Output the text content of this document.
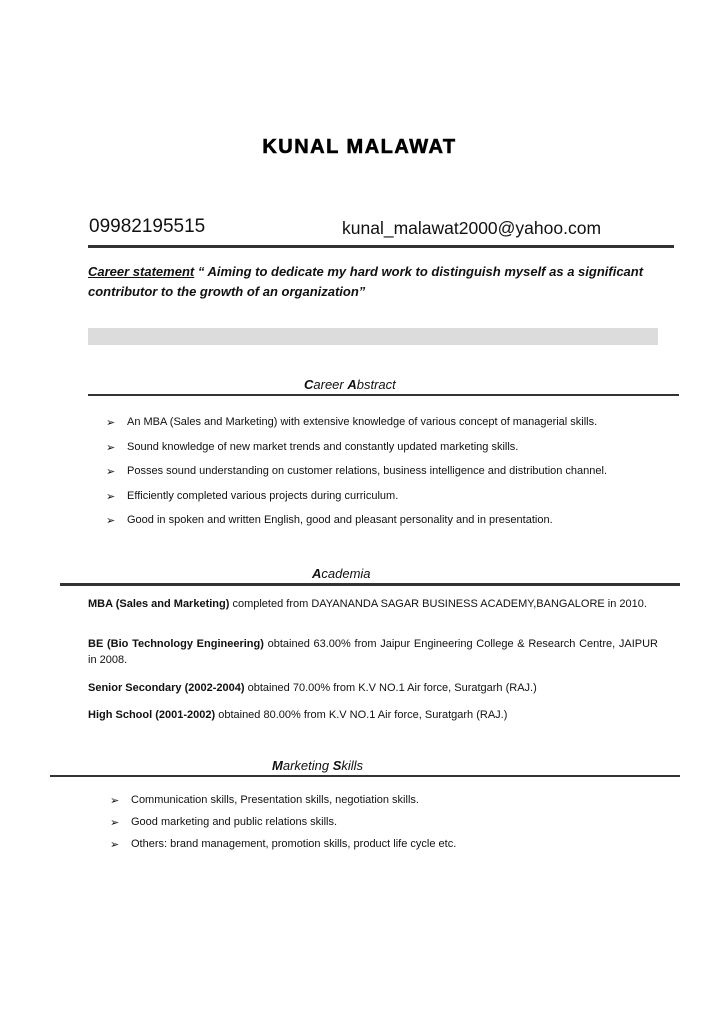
KUNAL MALAWAT
09982195515	kunal_malawat2000@yahoo.com
Career statement “ Aiming to dedicate my hard work to distinguish myself as a significant contributor to the growth of an organization”
Career Abstract
➢ An MBA (Sales and Marketing) with extensive knowledge of various concept of managerial skills.
➢ Sound knowledge of new market trends and constantly updated marketing skills.
➢ Posses sound understanding on customer relations, business intelligence and distribution channel.
➢ Efficiently completed various projects during curriculum.
➢ Good in spoken and written English, good and pleasant personality and in presentation.
Academia
MBA (Sales and Marketing) completed from DAYANANDA SAGAR BUSINESS ACADEMY,BANGALORE in 2010.
BE (Bio Technology Engineering) obtained 63.00% from Jaipur Engineering College & Research Centre, JAIPUR in 2008.
Senior Secondary (2002-2004) obtained 70.00% from K.V NO.1 Air force, Suratgarh (RAJ.)
High School (2001-2002) obtained 80.00% from K.V NO.1 Air force, Suratgarh (RAJ.)
Marketing Skills
➢ Communication skills, Presentation skills, negotiation skills.
➢ Good marketing and public relations skills.
➢ Others: brand management, promotion skills, product life cycle etc.
